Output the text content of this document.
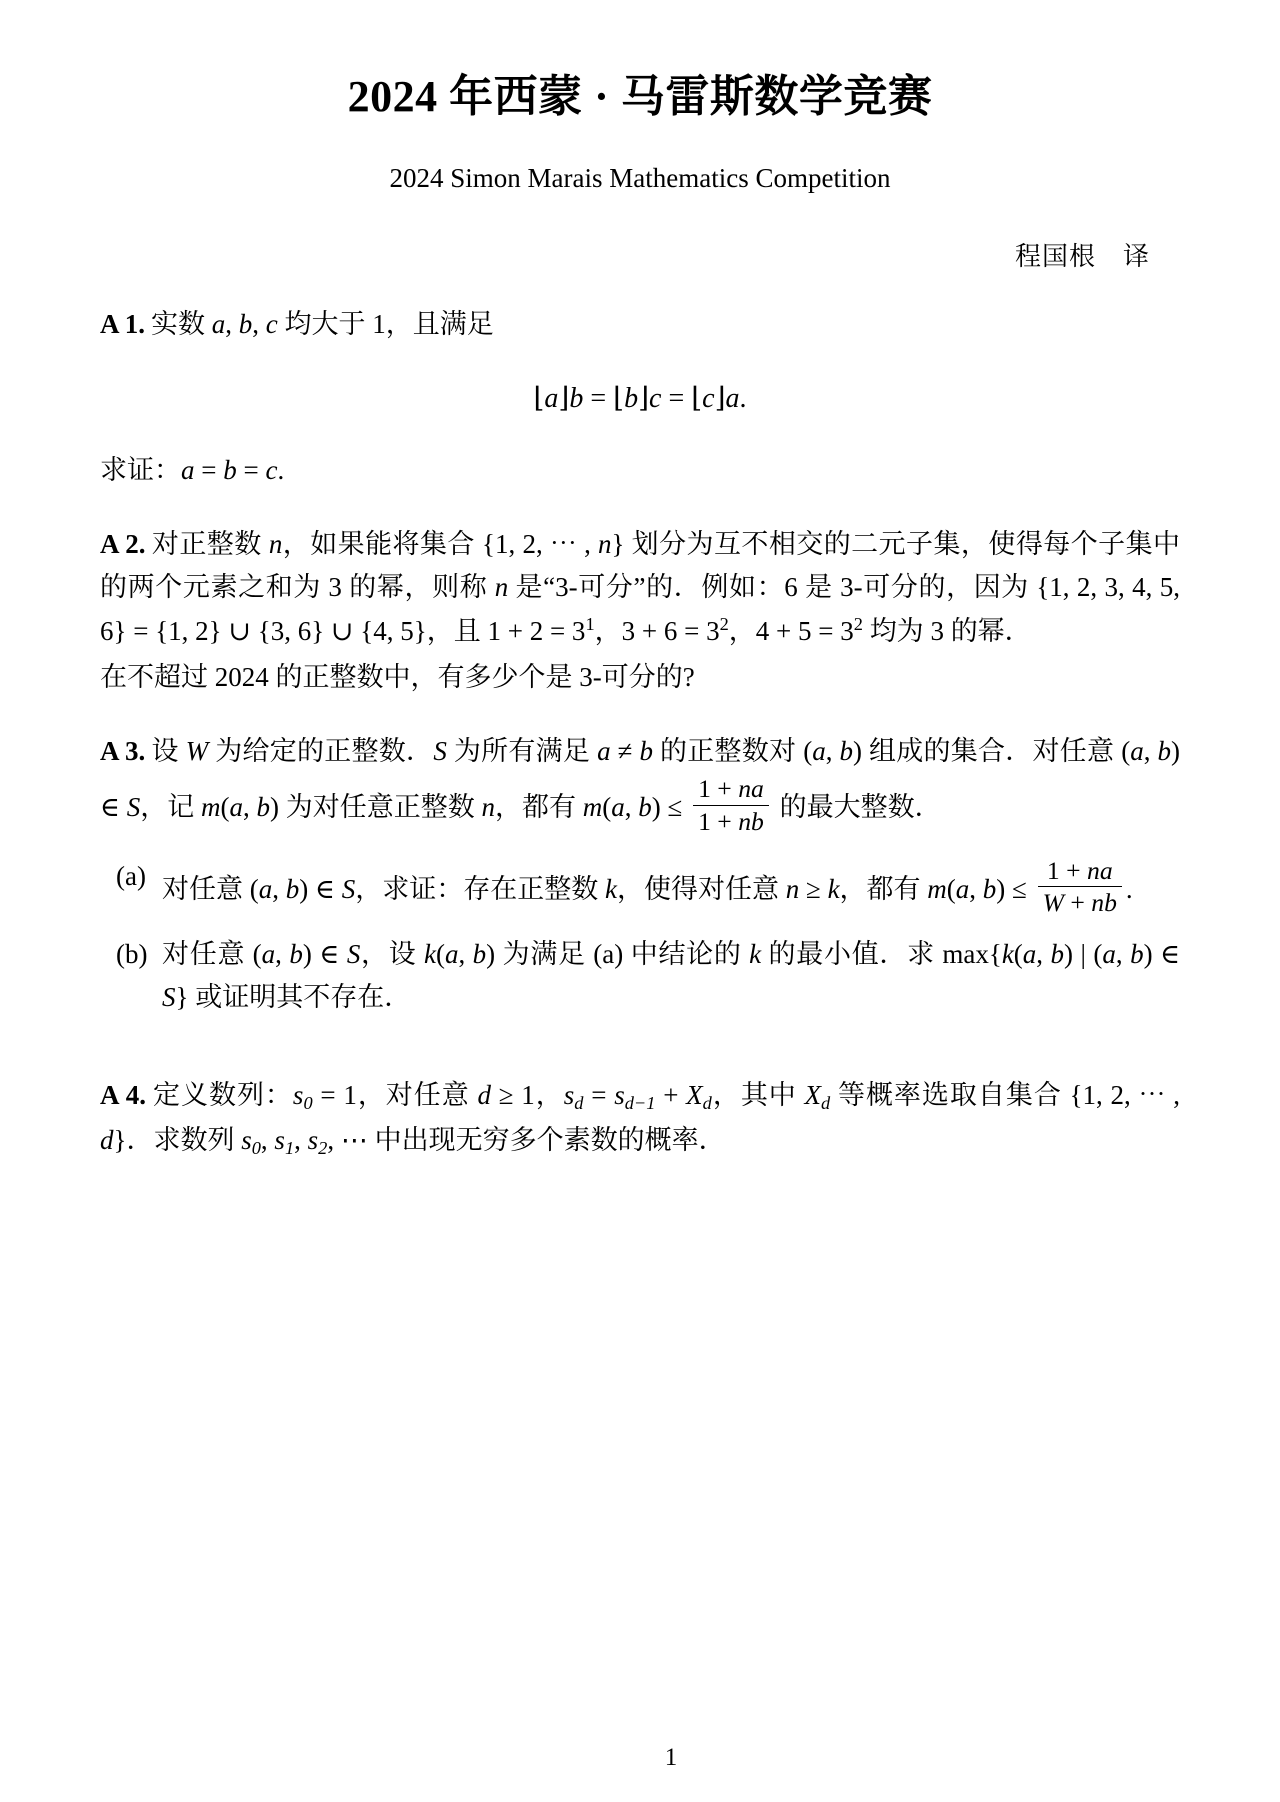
2024 年西蒙 · 马雷斯数学竞赛
2024 Simon Marais Mathematics Competition
程国根　译
A 1. 实数 a, b, c 均大于 1，且满足
⌊a⌋b = ⌊b⌋c = ⌊c⌋a.
求证：a = b = c.
A 2. 对正整数 n，如果能将集合 {1, 2, ⋯ , n} 划分为互不相交的二元子集，使得每个子集中的两个元素之和为 3 的幂，则称 n 是“3-可分”的．例如：6 是 3-可分的，因为 {1, 2, 3, 4, 5, 6} = {1, 2} ∪ {3, 6} ∪ {4, 5}，且 $1 + 2 = 3^1$，$3 + 6 = 3^2$，$4 + 5 = 3^2$ 均为 3 的幂．
在不超过 2024 的正整数中，有多少个是 3-可分的?
A 3. 设 W 为给定的正整数．S 为所有满足 a ≠ b 的正整数对 (a, b) 组成的集合．对任意 (a, b) ∈ S，记 m(a, b) 为对任意正整数 n，都有 m(a, $b) \le \frac{1 + na}{1 + nb}$ 的最大整数．
(a) 对任意 (a, b) ∈ S，求证：存在正整数 k，使得对任意 n ≥ k，都有 m(a, $b) \le \frac{1 + na}{W + nb}$ .
(b) 对任意 (a, b) ∈ S，设 k(a, b) 为满足 (a) 中结论的 k 的最小值．求 max{k(a, b) | (a, b) ∈ S} 或证明其不存在．
A 4. 定义数列：$s_0 = 1$，对任意 d ≥ 1，$s_d = s_{d-1} + X_d$，其中 $X_d$ 等概率选取自集合 {1, 2, ⋯ , d}．求数列 $s_0$, $s_1$, $s_2$, ⋯ 中出现无穷多个素数的概率．
1
